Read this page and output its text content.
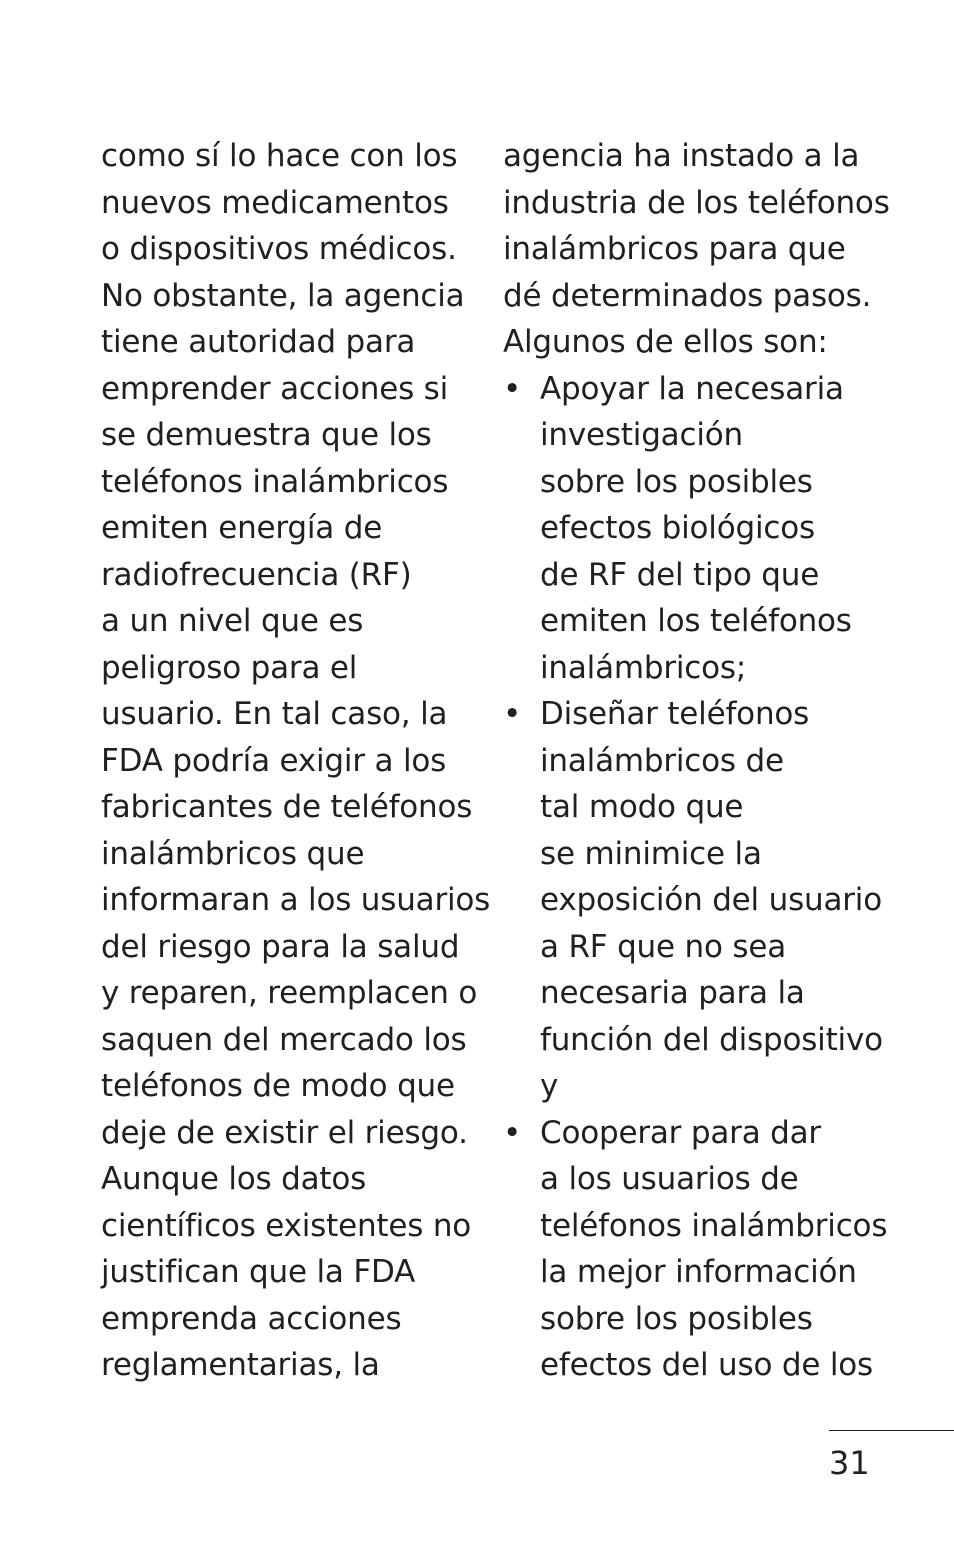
como sí lo hace con los
nuevos medicamentos
o dispositivos médicos.
No obstante, la agencia
tiene autoridad para
emprender acciones si
se demuestra que los
teléfonos inalámbricos
emiten energía de
radiofrecuencia (RF)
a un nivel que es
peligroso para el
usuario. En tal caso, la
FDA podría exigir a los
fabricantes de teléfonos
inalámbricos que
informaran a los usuarios
del riesgo para la salud
y reparen, reemplacen o
saquen del mercado los
teléfonos de modo que
deje de existir el riesgo.
Aunque los datos
científicos existentes no
justifican que la FDA
emprenda acciones
reglamentarias, la
agencia ha instado a la
industria de los teléfonos
inalámbricos para que
dé determinados pasos.
Algunos de ellos son:
• Apoyar la necesaria
investigación
sobre los posibles
efectos biológicos
de RF del tipo que
emiten los teléfonos
inalámbricos;
• Diseñar teléfonos
inalámbricos de
tal modo que
se minimice la
exposición del usuario
a RF que no sea
necesaria para la
función del dispositivo
y
• Cooperar para dar
a los usuarios de
teléfonos inalámbricos
la mejor información
sobre los posibles
efectos del uso de los
31
